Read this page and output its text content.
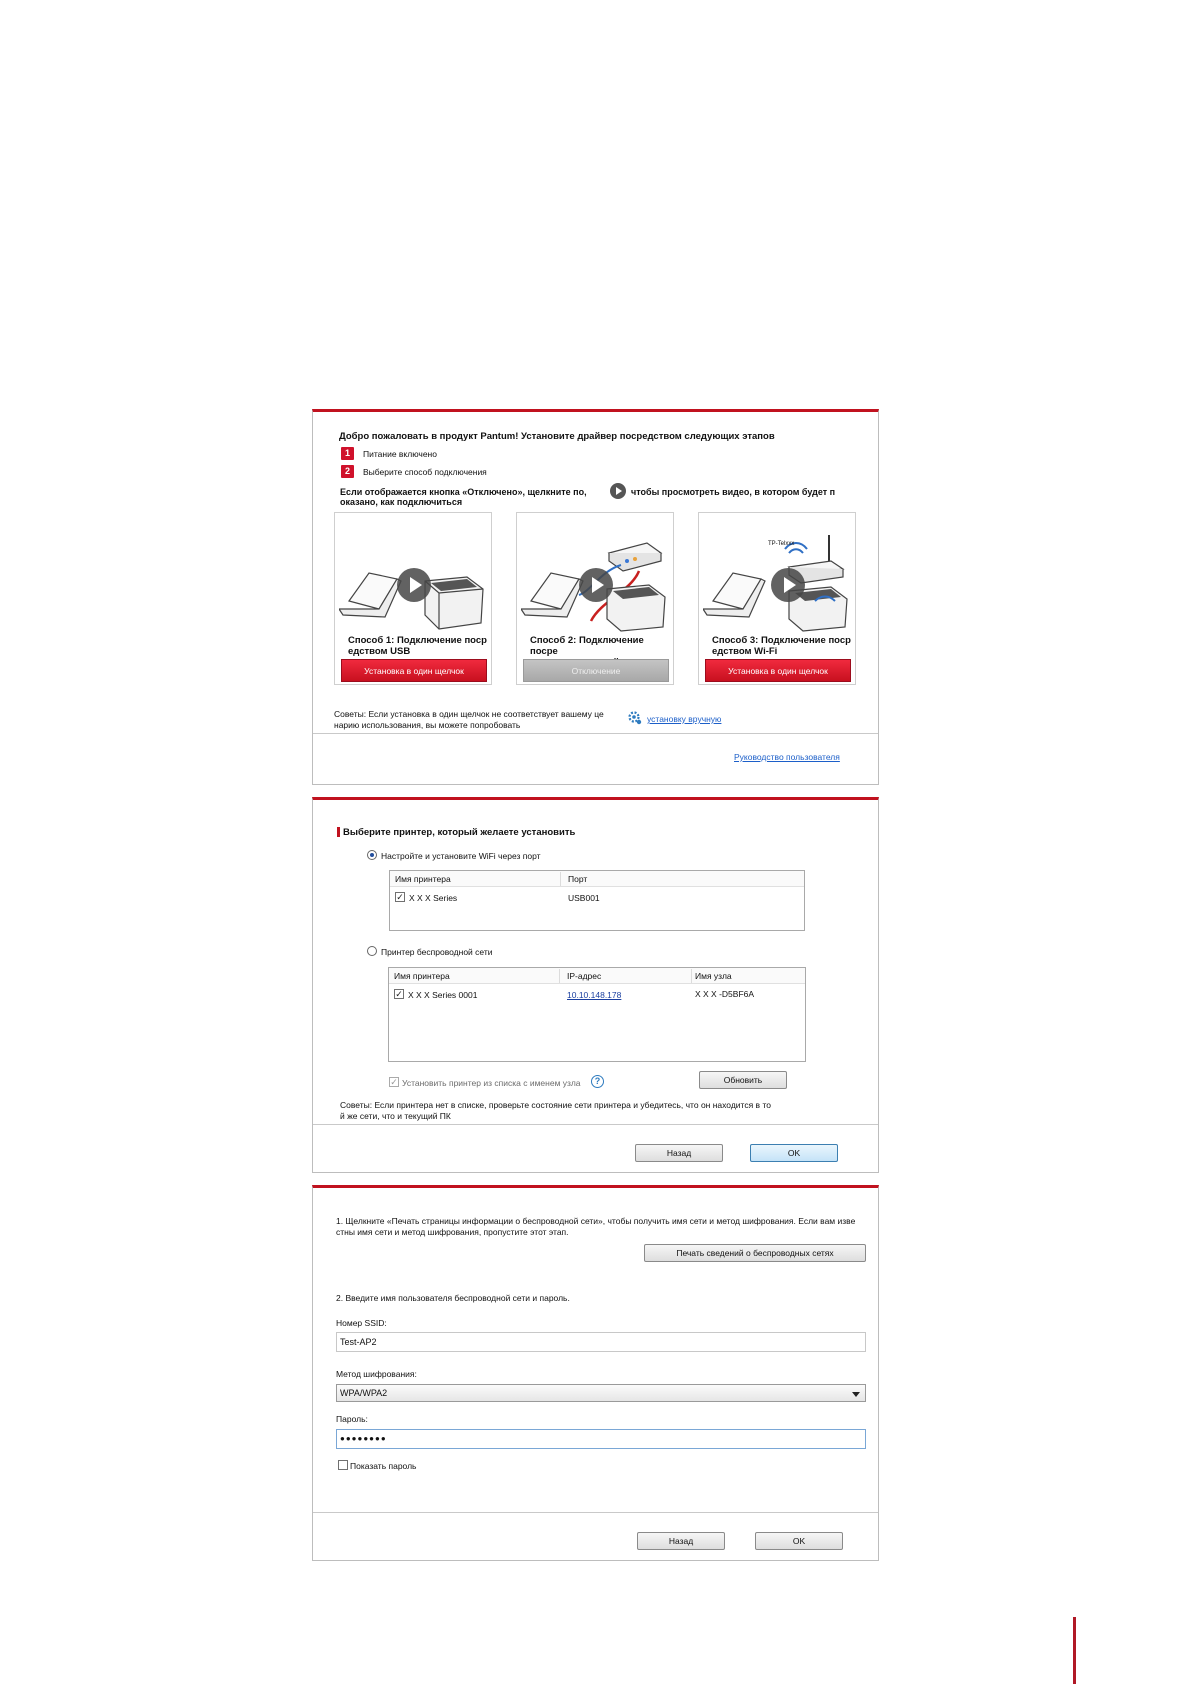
Добро пожаловать в продукт Pantum! Установите драйвер посредством следующих этапов
1	Питание включено
2	Выберите способ подключения
Если отображается кнопка «Отключено», щелкните по,	чтобы просмотреть видео, в котором будет п
оказано, как подключиться
Способ 1: Подключение поср
едством USB
Установка в один щелчок
Способ 2: Подключение посре
Отключение
TP-Telxxx
Способ 3: Подключение поср
едством Wi-Fi
Установка в один щелчок
Советы: Если установка в один щелчок не соответствует вашему це
нарию использования, вы можете попробовать
установку вручную
Руководство пользователя
Выберите принтер, который желаете установить
Настройте и установите WiFi через порт
Имя принтера	Порт
✓ X X X Series	USB001
Принтер беспроводной сети
Имя принтера	IP-адрес	Имя узла
✓ X X X Series 0001	10.10.148.178	X X X -D5BF6A
✓ Установить принтер из списка с именем узла	?	Обновить
Советы: Если принтера нет в списке, проверьте состояние сети принтера и убедитесь, что он находится в то
й же сети, что и текущий ПК
Назад	OK
1. Щелкните «Печать страницы информации о беспроводной сети», чтобы получить имя сети и метод шифрования. Если вам изве
стны имя сети и метод шифрования, пропустите этот этап.
Печать сведений о беспроводных сетях
2. Введите имя пользователя беспроводной сети и пароль.
Номер SSID:
Test-AP2
Метод шифрования:
WPA/WPA2
Пароль:
●●●●●●●●
Показать пароль
Назад	OK
